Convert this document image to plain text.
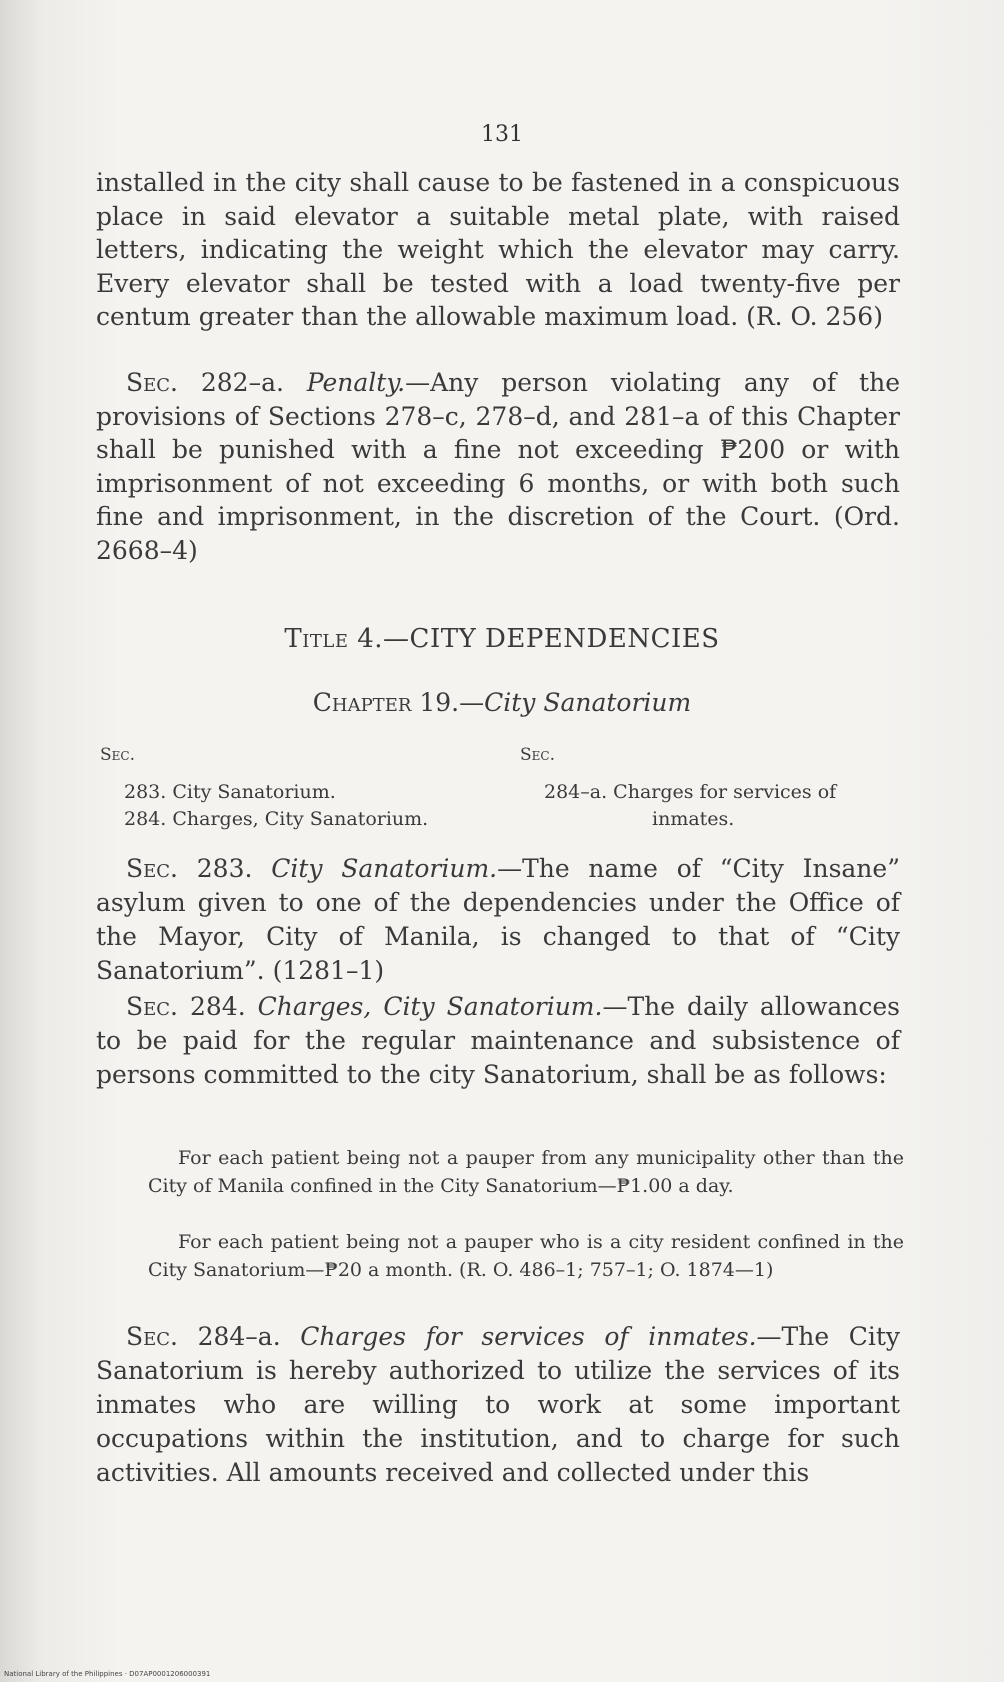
131
installed in the city shall cause to be fastened in a conspicuous place in said elevator a suitable metal plate, with raised letters, indicating the weight which the elevator may carry. Every elevator shall be tested with a load twenty-five per centum greater than the allowable maximum load. (R. O. 256)
Sec. 282–a. Penalty.—Any person violating any of the provisions of Sections 278–c, 278–d, and 281–a of this Chapter shall be punished with a fine not exceeding ₱200 or with imprisonment of not exceeding 6 months, or with both such fine and imprisonment, in the discretion of the Court. (Ord. 2668–4)
Title 4.—CITY DEPENDENCIES
Chapter 19.—City Sanatorium
Sec.
283. City Sanatorium.
284. Charges, City Sanatorium.
Sec.
284–a. Charges for services of
inmates.
Sec. 283. City Sanatorium.—The name of “City Insane” asylum given to one of the dependencies under the Office of the Mayor, City of Manila, is changed to that of “City Sanatorium”. (1281–1)
Sec. 284. Charges, City Sanatorium.—The daily allowances to be paid for the regular maintenance and subsistence of persons committed to the city Sanatorium, shall be as follows:
For each patient being not a pauper from any municipality other than the City of Manila confined in the City Sanatorium—₱1.00 a day.
For each patient being not a pauper who is a city resident confined in the City Sanatorium—₱20 a month. (R. O. 486–1; 757–1; O. 1874—1)
Sec. 284–a. Charges for services of inmates.—The City Sanatorium is hereby authorized to utilize the services of its inmates who are willing to work at some important occupations within the institution, and to charge for such activities. All amounts received and collected under this
National Library of the Philippines · D07AP0001206000391
